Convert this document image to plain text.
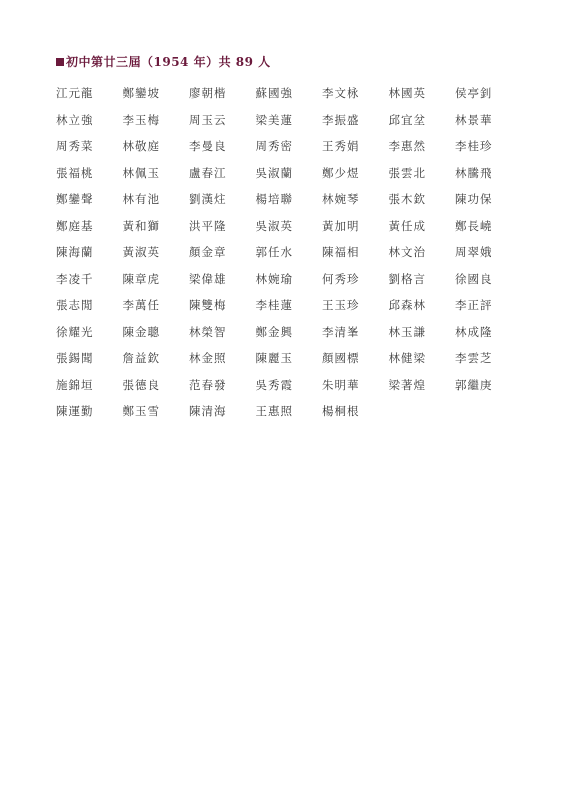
初中第廿三屆（1954 年）共 89 人
江元龍	鄭鑾坡	廖朝楷	蘇國強	李文栐	林國英	侯亭釗
林立強	李玉梅	周玉云	梁美蓮	李振盛	邱宜坌	林景華
周秀菜	林敬庭	李曼良	周秀密	王秀娟	李惠然	李桂珍
張福桃	林佩玉	盧春江	吳淑蘭	鄭少煜	張雲北	林騰飛
鄭鑾聲	林有池	劉漢炷	楊培聯	林婉琴	張木欽	陳功保
鄭庭基	黃和獅	洪平隆	吳淑英	黃加明	黃任成	鄭長嶢
陳海蘭	黃淑英	顏金章	郭任水	陳福相	林文治	周翠娥
李凌千	陳章虎	梁偉雄	林婉瑜	何秀珍	劉格言	徐國良
張志閒	李萬任	陳雙梅	李桂蓮	王玉珍	邱森林	李正評
徐耀光	陳金聰	林榮智	鄭金興	李清峯	林玉謙	林成隆
張錫聞	詹益欽	林金照	陳麗玉	顏國標	林健梁	李雲芝
施錦垣	張德良	范春發	吳秀霞	朱明華	梁著煌	郭繼庚
陳運勤	鄭玉雪	陳清海	王惠照	楊桐根
